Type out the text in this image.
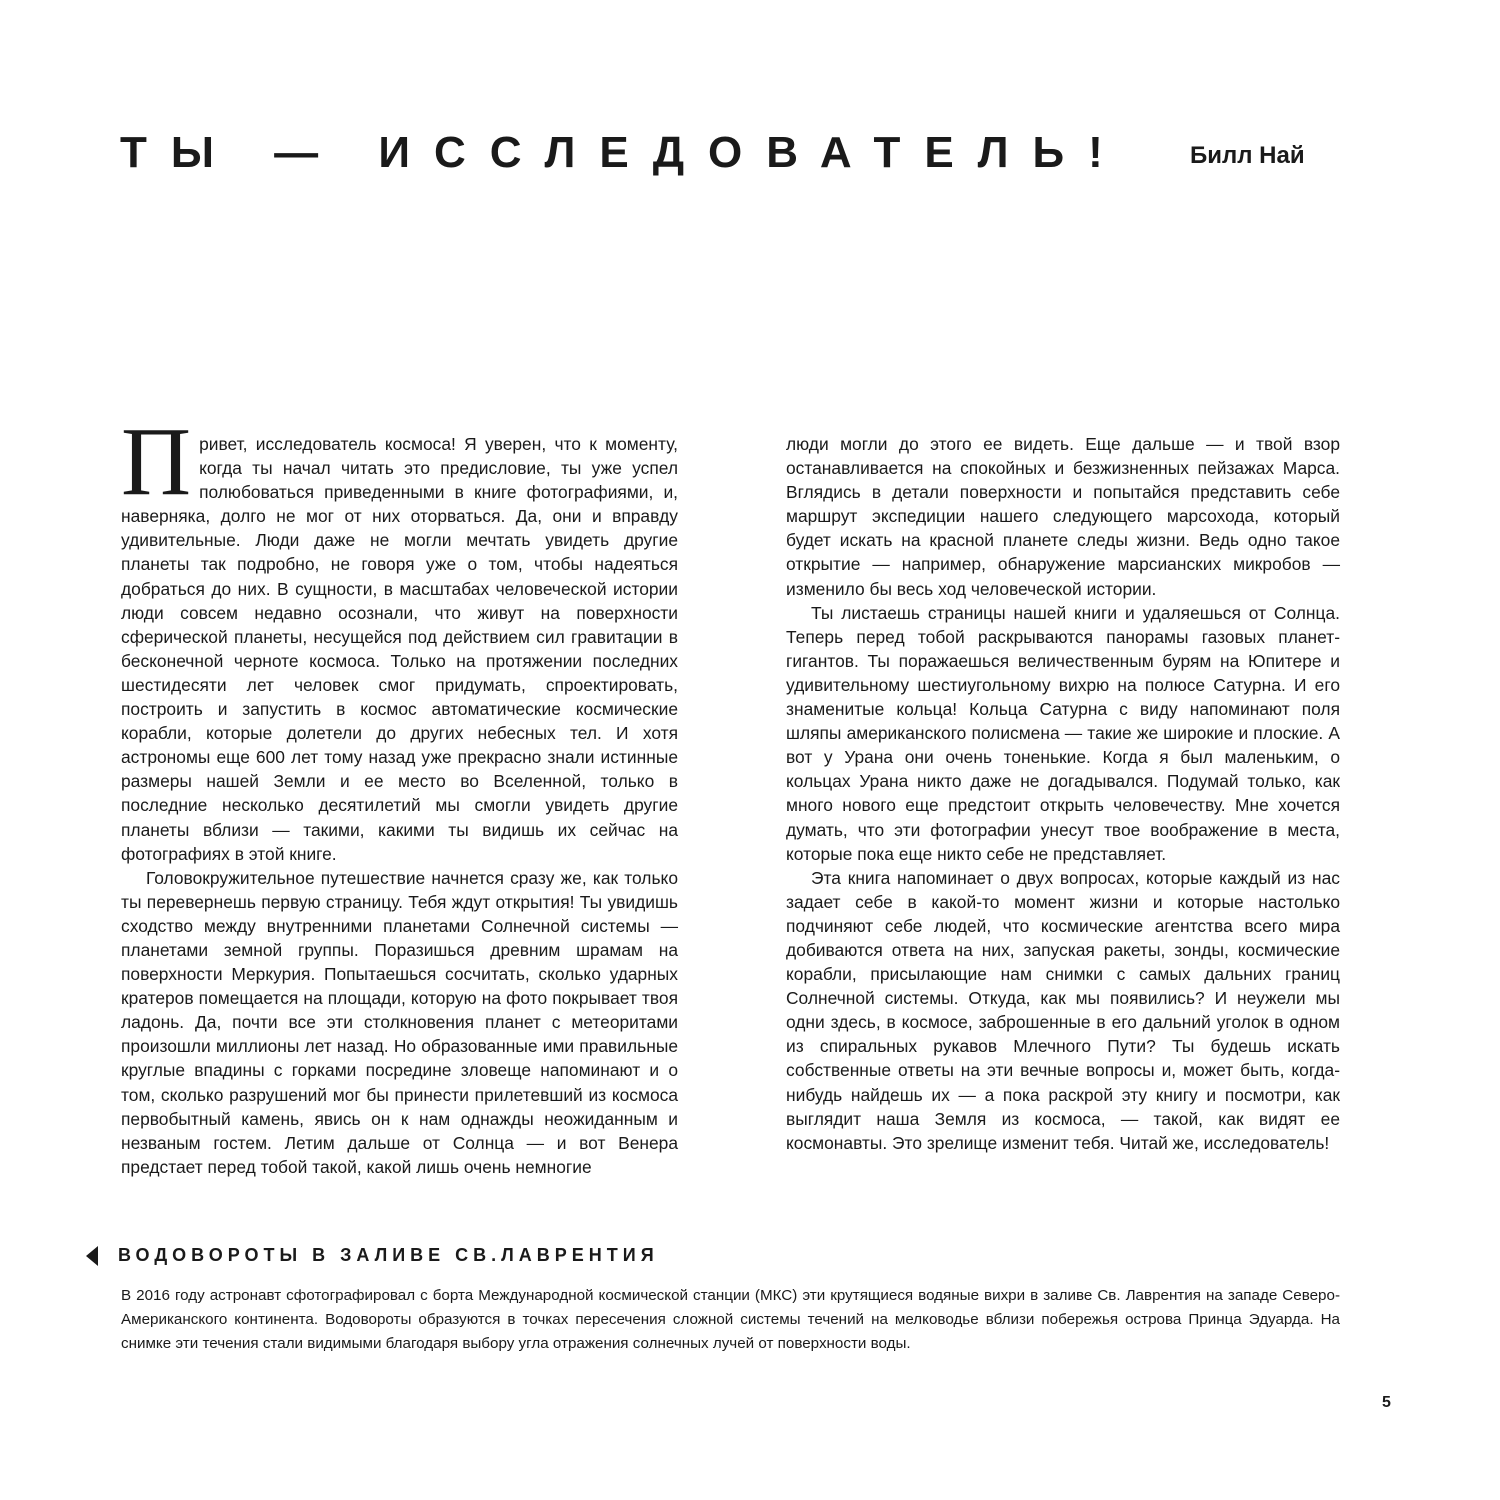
ТЫ — ИССЛЕДОВАТЕЛЬ!	Билл Най

Привет, исследователь космоса! Я уверен, что к моменту, когда ты начал читать это предисловие, ты уже успел полюбоваться приведенными в книге фотографиями, и, наверняка, долго не мог от них оторваться. Да, они и вправду удивительные. Люди даже не могли мечтать увидеть другие планеты так подробно, не говоря уже о том, чтобы надеяться добраться до них. В сущности, в масштабах человеческой истории люди совсем недавно осознали, что живут на поверхности сферической планеты, несущейся под действием сил гравитации в бесконечной черноте космоса. Только на протяжении последних шестидесяти лет человек смог придумать, спроектировать, построить и запустить в космос автоматические космические корабли, которые долетели до других небесных тел. И хотя астрономы еще 600 лет тому назад уже прекрасно знали истинные размеры нашей Земли и ее место во Вселенной, только в последние несколько десятилетий мы смогли увидеть другие планеты вблизи — такими, какими ты видишь их сейчас на фотографиях в этой книге.

Головокружительное путешествие начнется сразу же, как только ты перевернешь первую страницу. Тебя ждут открытия! Ты увидишь сходство между внутренними планетами Солнечной системы — планетами земной группы. Поразишься древним шрамам на поверхности Меркурия. Попытаешься сосчитать, сколько ударных кратеров помещается на площади, которую на фото покрывает твоя ладонь. Да, почти все эти столкновения планет с метеоритами произошли миллионы лет назад. Но образованные ими правильные круглые впадины с горками посредине зловеще напоминают и о том, сколько разрушений мог бы принести прилетевший из космоса первобытный камень, явись он к нам однажды неожиданным и незваным гостем. Летим дальше от Солнца — и вот Венера предстает перед тобой такой, какой лишь очень немногие

люди могли до этого ее видеть. Еще дальше — и твой взор останавливается на спокойных и безжизненных пейзажах Марса. Вглядись в детали поверхности и попытайся представить себе маршрут экспедиции нашего следующего марсохода, который будет искать на красной планете следы жизни. Ведь одно такое открытие — например, обнаружение марсианских микробов — изменило бы весь ход человеческой истории.

Ты листаешь страницы нашей книги и удаляешься от Солнца. Теперь перед тобой раскрываются панорамы газовых планет-гигантов. Ты поражаешься величественным бурям на Юпитере и удивительному шестиугольному вихрю на полюсе Сатурна. И его знаменитые кольца! Кольца Сатурна с виду напоминают поля шляпы американского полисмена — такие же широкие и плоские. А вот у Урана они очень тоненькие. Когда я был маленьким, о кольцах Урана никто даже не догадывался. Подумай только, как много нового еще предстоит открыть человечеству. Мне хочется думать, что эти фотографии унесут твое воображение в места, которые пока еще никто себе не представляет.

Эта книга напоминает о двух вопросах, которые каждый из нас задает себе в какой-то момент жизни и которые настолько подчиняют себе людей, что космические агентства всего мира добиваются ответа на них, запуская ракеты, зонды, космические корабли, присылающие нам снимки с самых дальних границ Солнечной системы. Откуда, как мы появились? И неужели мы одни здесь, в космосе, заброшенные в его дальний уголок в одном из спиральных рукавов Млечного Пути? Ты будешь искать собственные ответы на эти вечные вопросы и, может быть, когда-нибудь найдешь их — а пока раскрой эту книгу и посмотри, как выглядит наша Земля из космоса, — такой, как видят ее космонавты. Это зрелище изменит тебя. Читай же, исследователь!

ВОДОВОРОТЫ В ЗАЛИВЕ СВ.ЛАВРЕНТИЯ

В 2016 году астронавт сфотографировал с борта Международной космической станции (МКС) эти крутящиеся водяные вихри в заливе Св. Лаврентия на западе Северо-Американского континента. Водовороты образуются в точках пересечения сложной системы течений на мелководье вблизи побережья острова Принца Эдуарда. На снимке эти течения стали видимыми благодаря выбору угла отражения солнечных лучей от поверхности воды.

5
